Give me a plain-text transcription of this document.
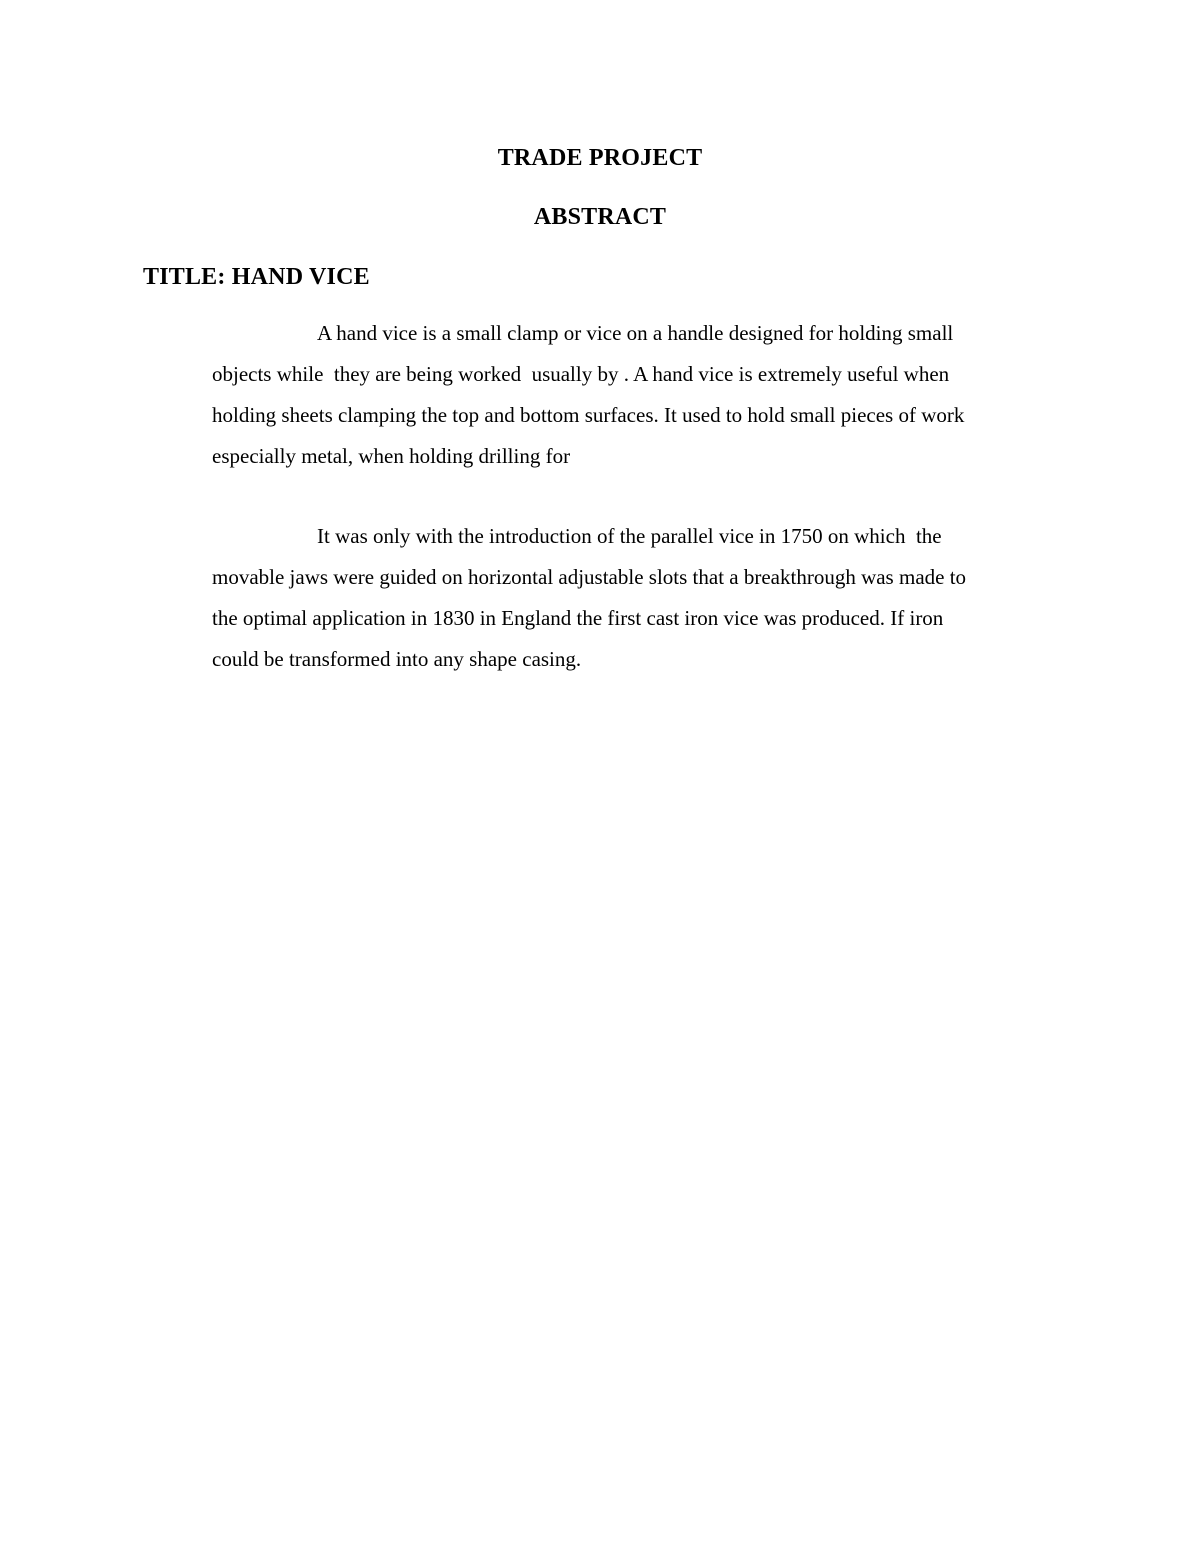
TRADE PROJECT
ABSTRACT
TITLE: HAND VICE
A hand vice is a small clamp or vice on a handle designed for holding small
objects while  they are being worked  usually by . A hand vice is extremely useful when
holding sheets clamping the top and bottom surfaces. It used to hold small pieces of work
especially metal, when holding drilling for
It was only with the introduction of the parallel vice in 1750 on which  the
movable jaws were guided on horizontal adjustable slots that a breakthrough was made to
the optimal application in 1830 in England the first cast iron vice was produced. If iron
could be transformed into any shape casing.
